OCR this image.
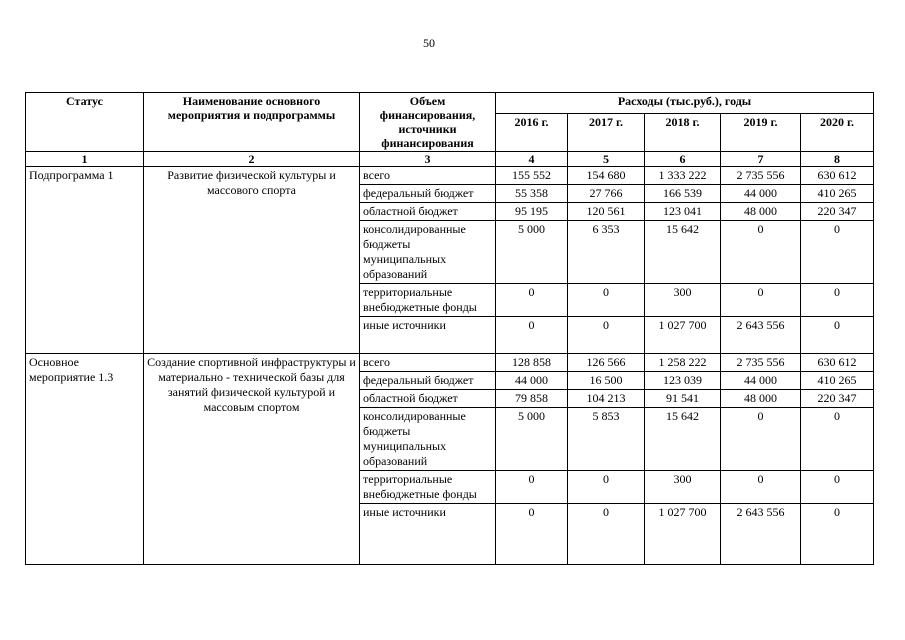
50
Статус	Наименование основного мероприятия и подпрограммы	Объем финансирования, источники финансирования	Расходы (тыс.руб.), годы				
			2016 г.	2017 г.	2018 г.	2019 г.	2020 г.
1	2	3	4	5	6	7	8
Подпрограмма 1	Развитие физической культуры и массового спорта	всего	155 552	154 680	1 333 222	2 735 556	630 612
		федеральный бюджет	55 358	27 766	166 539	44 000	410 265
		областной бюджет	95 195	120 561	123 041	48 000	220 347
		консолидированные бюджеты муниципальных образований	5 000	6 353	15 642	0	0
		территориальные внебюджетные фонды	0	0	300	0	0
		иные источники	0	0	1 027 700	2 643 556	0
Основное мероприятие 1.3	Создание спортивной инфраструктуры и материально - технической базы для занятий физической культурой и массовым спортом	всего	128 858	126 566	1 258 222	2 735 556	630 612
		федеральный бюджет	44 000	16 500	123 039	44 000	410 265
		областной бюджет	79 858	104 213	91 541	48 000	220 347
		консолидированные бюджеты муниципальных образований	5 000	5 853	15 642	0	0
		территориальные внебюджетные фонды	0	0	300	0	0
		иные источники	0	0	1 027 700	2 643 556	0
